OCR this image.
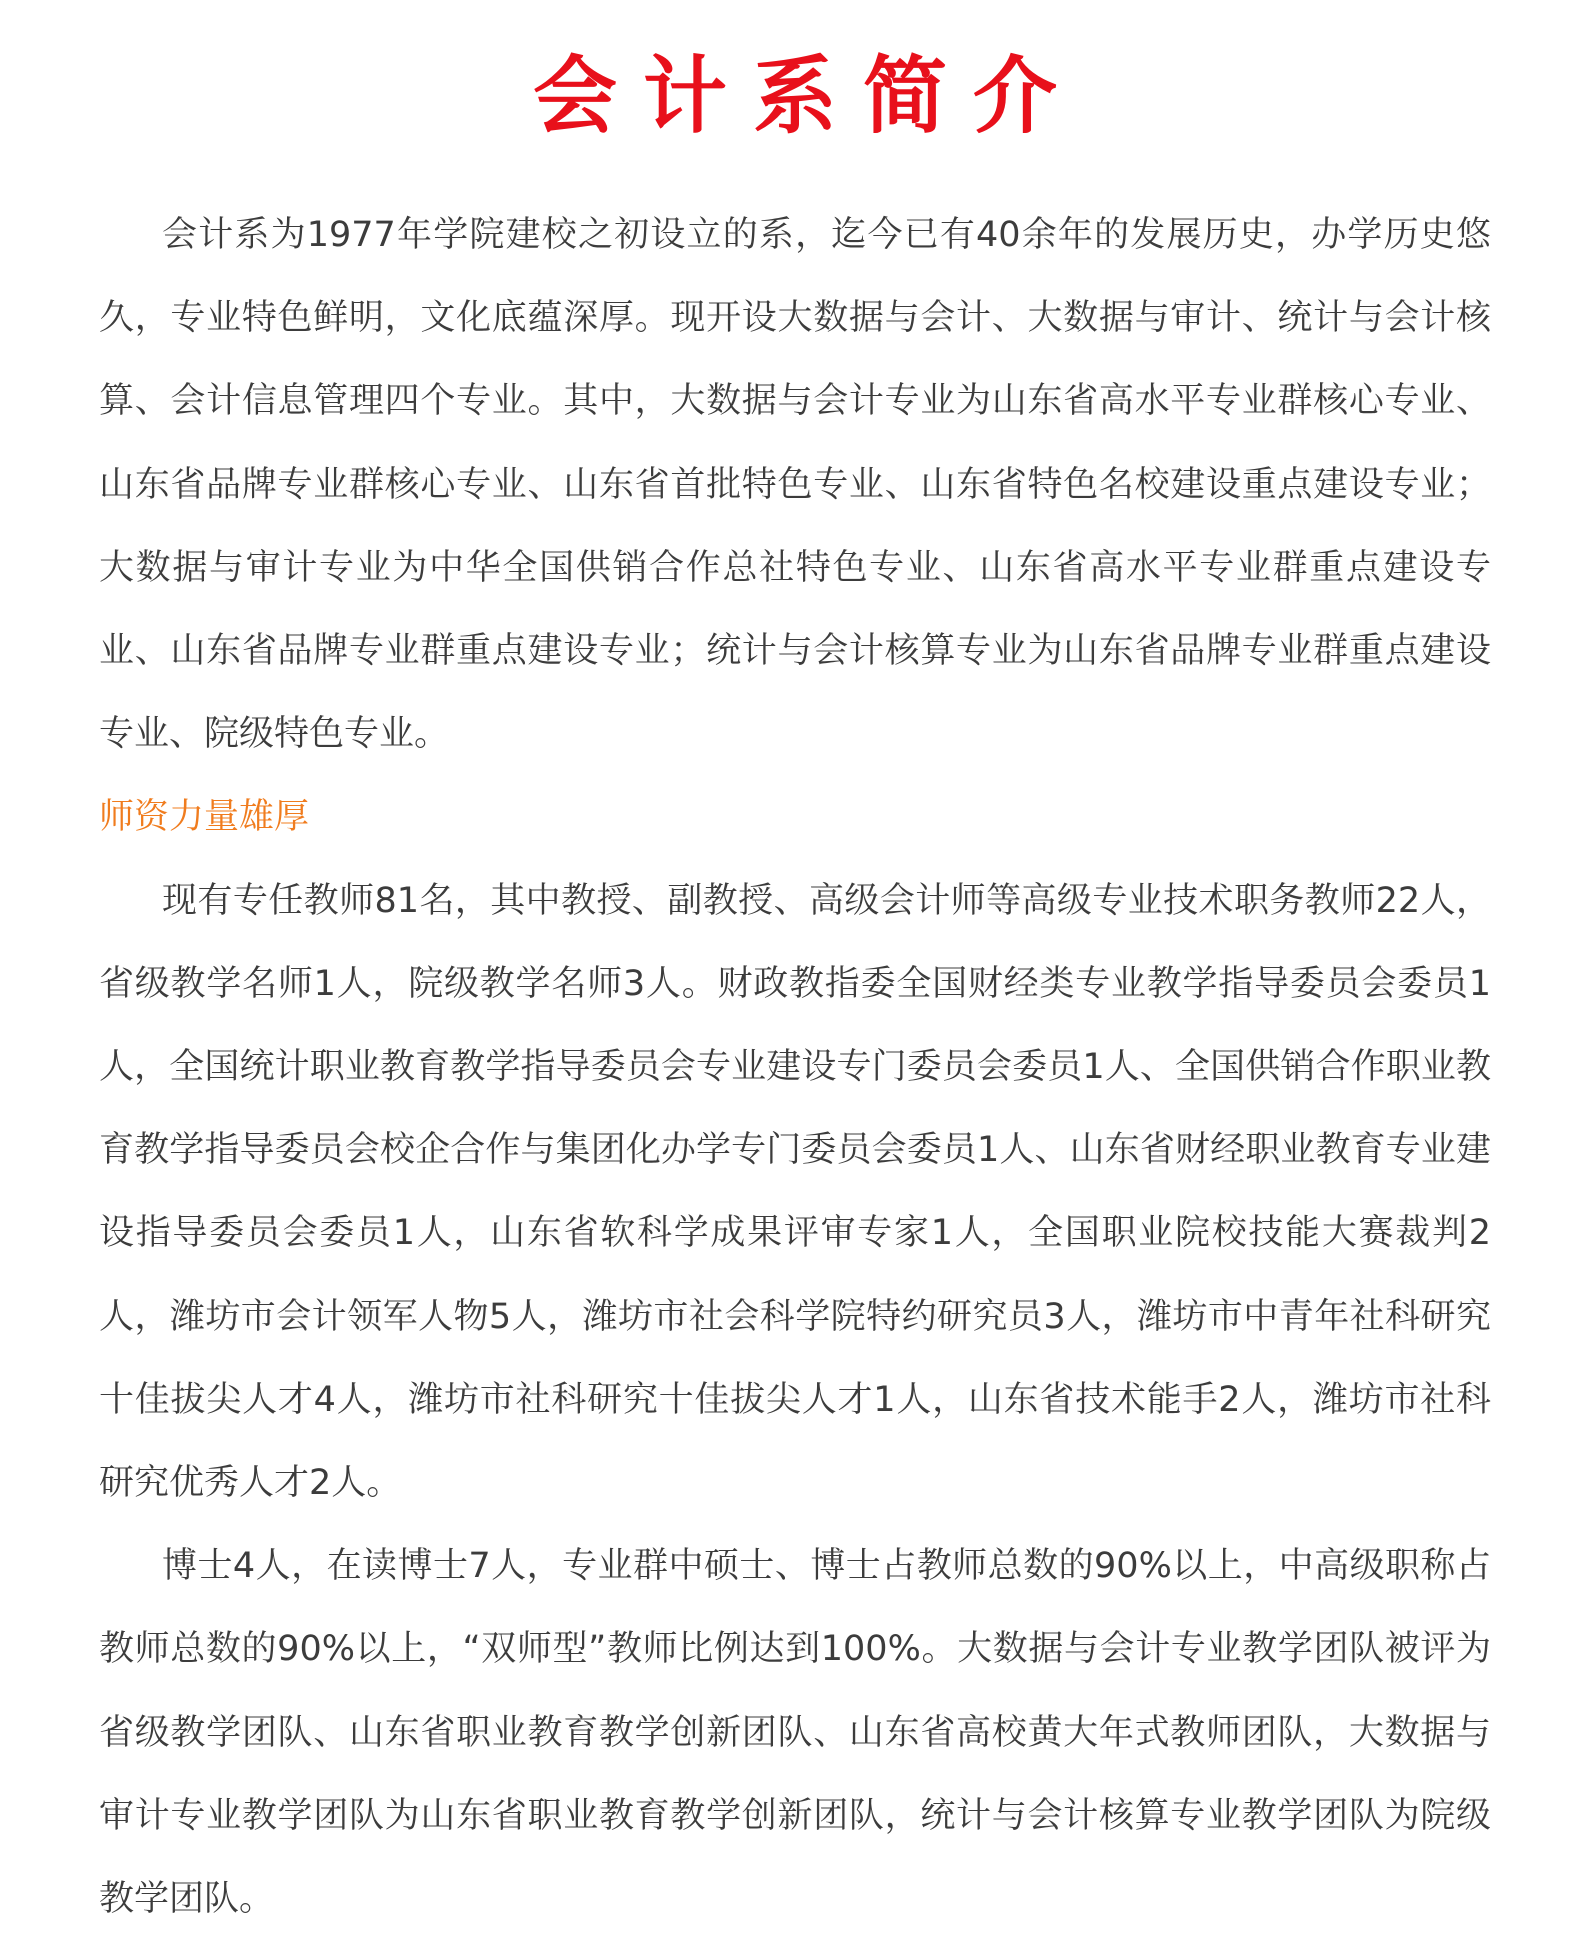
会计系简介

会计系为1977年学院建校之初设立的系，迄今已有40余年的发展历史，办学历史悠久，专业特色鲜明，文化底蕴深厚。现开设大数据与会计、大数据与审计、统计与会计核算、会计信息管理四个专业。其中，大数据与会计专业为山东省高水平专业群核心专业、山东省品牌专业群核心专业、山东省首批特色专业、山东省特色名校建设重点建设专业；大数据与审计专业为中华全国供销合作总社特色专业、山东省高水平专业群重点建设专业、山东省品牌专业群重点建设专业；统计与会计核算专业为山东省品牌专业群重点建设专业、院级特色专业。

师资力量雄厚

现有专任教师81名，其中教授、副教授、高级会计师等高级专业技术职务教师22人，省级教学名师1人，院级教学名师3人。财政教指委全国财经类专业教学指导委员会委员1人，全国统计职业教育教学指导委员会专业建设专门委员会委员1人、全国供销合作职业教育教学指导委员会校企合作与集团化办学专门委员会委员1人、山东省财经职业教育专业建设指导委员会委员1人，山东省软科学成果评审专家1人，全国职业院校技能大赛裁判2人，潍坊市会计领军人物5人，潍坊市社会科学院特约研究员3人，潍坊市中青年社科研究十佳拔尖人才4人，潍坊市社科研究十佳拔尖人才1人，山东省技术能手2人，潍坊市社科研究优秀人才2人。

博士4人，在读博士7人，专业群中硕士、博士占教师总数的90%以上，中高级职称占教师总数的90%以上，“双师型”教师比例达到100%。大数据与会计专业教学团队被评为省级教学团队、山东省职业教育教学创新团队、山东省高校黄大年式教师团队，大数据与审计专业教学团队为山东省职业教育教学创新团队，统计与会计核算专业教学团队为院级教学团队。
